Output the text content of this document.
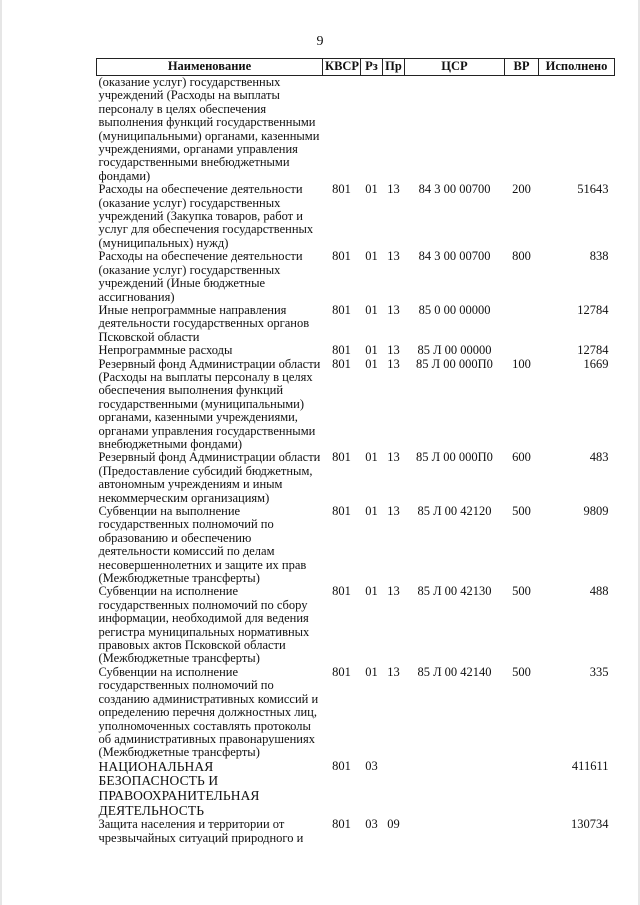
9
Наименование	КВСР	Рз	Пр	ЦСР	ВР	Исполнено
(оказание услуг) государственных учреждений (Расходы на выплаты персоналу в целях обеспечения выполнения функций государственными (муниципальными) органами, казенными учреждениями, органами управления государственными внебюджетными фондами)						
Расходы на обеспечение деятельности (оказание услуг) государственных учреждений (Закупка товаров, работ и услуг для обеспечения государственных (муниципальных) нужд)	801	01	13	84 3 00 00700	200	51643
Расходы на обеспечение деятельности (оказание услуг) государственных учреждений (Иные бюджетные ассигнования)	801	01	13	84 3 00 00700	800	838
Иные непрограммные направления деятельности государственных органов Псковской области	801	01	13	85 0 00 00000		12784
Непрограммные расходы	801	01	13	85 Л 00 00000		12784
Резервный фонд Администрации области (Расходы на выплаты персоналу в целях обеспечения выполнения функций государственными (муниципальными) органами, казенными учреждениями, органами управления государственными внебюджетными фондами)	801	01	13	85 Л 00 000П0	100	1669
Резервный фонд Администрации области (Предоставление субсидий бюджетным, автономным учреждениям и иным некоммерческим организациям)	801	01	13	85 Л 00 000П0	600	483
Субвенции на выполнение государственных полномочий по образованию и обеспечению деятельности комиссий по делам несовершеннолетних и защите их прав (Межбюджетные трансферты)	801	01	13	85 Л 00 42120	500	9809
Субвенции на исполнение государственных полномочий по сбору информации, необходимой для ведения регистра муниципальных нормативных правовых актов Псковской области (Межбюджетные трансферты)	801	01	13	85 Л 00 42130	500	488
Субвенции на исполнение государственных полномочий по созданию административных комиссий и определению перечня должностных лиц, уполномоченных составлять протоколы об административных правонарушениях (Межбюджетные трансферты)	801	01	13	85 Л 00 42140	500	335
НАЦИОНАЛЬНАЯ БЕЗОПАСНОСТЬ И ПРАВООХРАНИТЕЛЬНАЯ ДЕЯТЕЛЬНОСТЬ	801	03				411611
Защита населения и территории от чрезвычайных ситуаций природного и	801	03	09			130734
